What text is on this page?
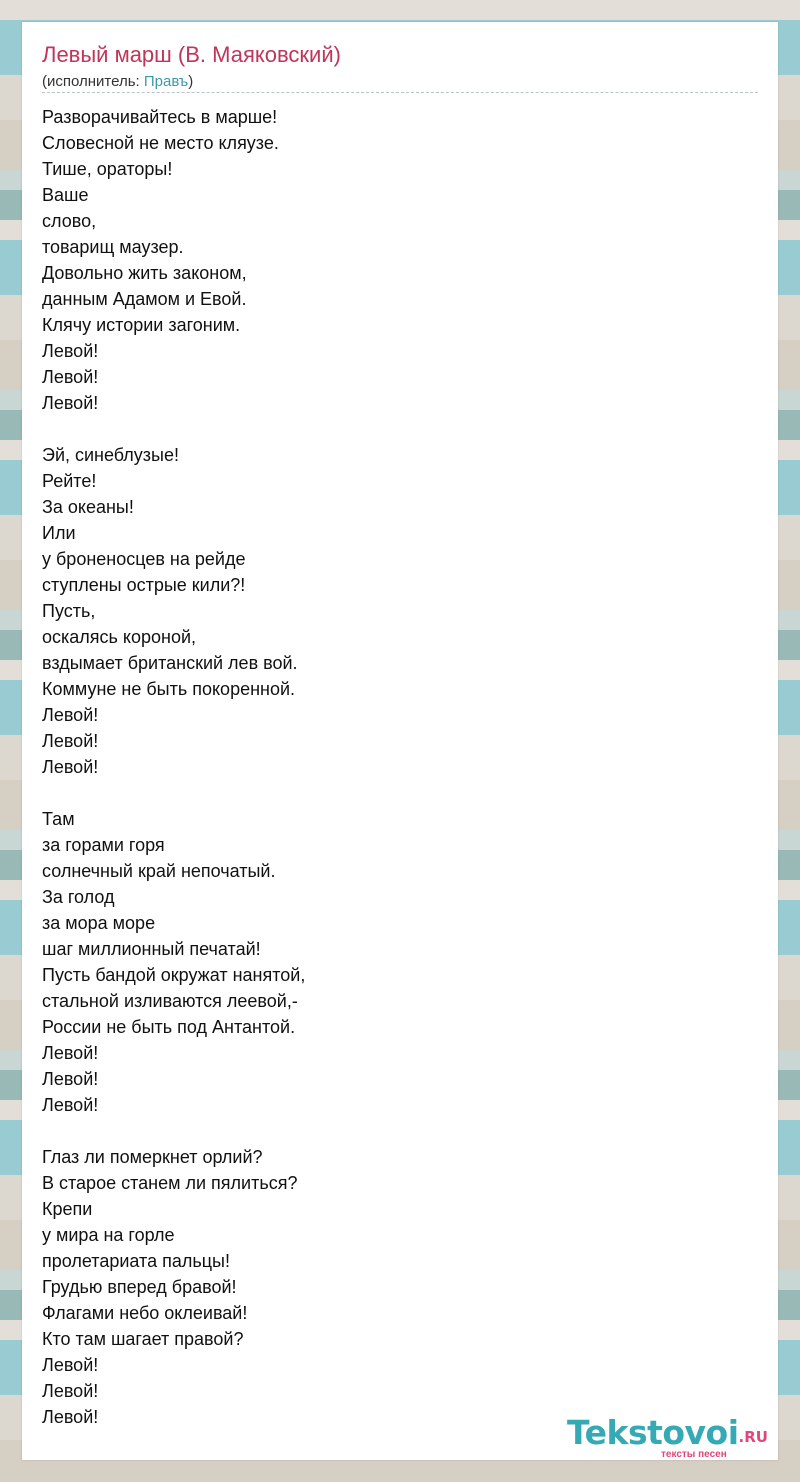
Левый марш (В. Маяковский)
(исполнитель: Правъ)
Разворачивайтесь в марше!
Словесной не место кляузе.
Тише, ораторы!
Ваше
слово,
товарищ маузер.
Довольно жить законом,
данным Адамом и Евой.
Клячу истории загоним.
Левой!
Левой!
Левой!
Эй, синеблузые!
Рейте!
За океаны!
Или
у броненосцев на рейде
ступлены острые кили?!
Пусть,
оскалясь короной,
вздымает британский лев вой.
Коммуне не быть покоренной.
Левой!
Левой!
Левой!
Там
за горами горя
солнечный край непочатый.
За голод
за мора море
шаг миллионный печатай!
Пусть бандой окружат нанятой,
стальной изливаются леевой,-
России не быть под Антантой.
Левой!
Левой!
Левой!
Глаз ли померкнет орлий?
В старое станем ли пялиться?
Крепи
у мира на горле
пролетариата пальцы!
Грудью вперед бравой!
Флагами небо оклеивай!
Кто там шагает правой?
Левой!
Левой!
Левой!	Tekstovoi.RU
тексты песен
